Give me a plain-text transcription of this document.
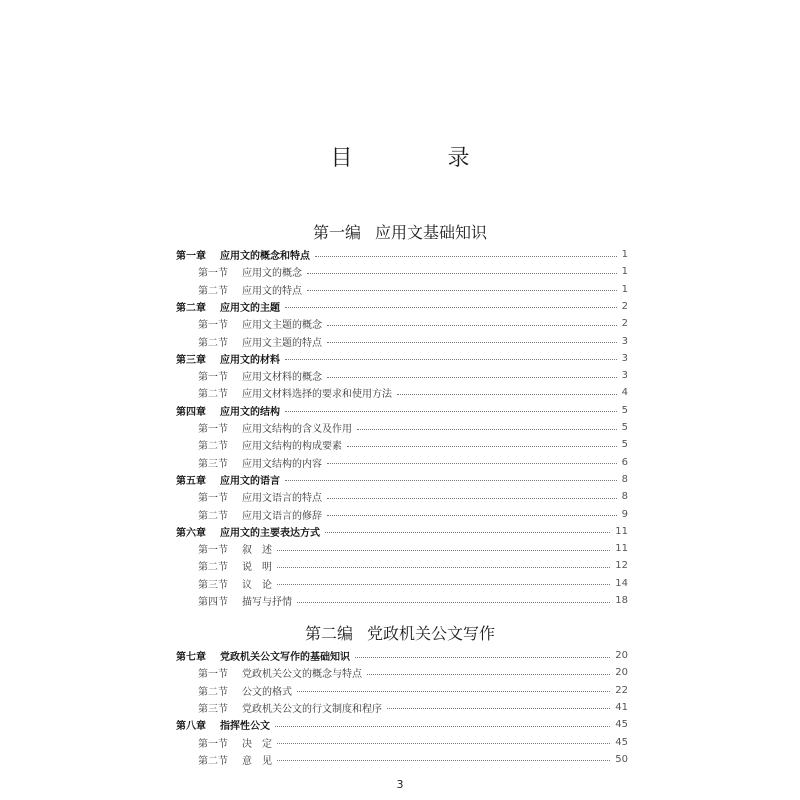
目 录
第一编 应用文基础知识
第一章 应用文的概念和特点	1
第一节 应用文的概念	1
第二节 应用文的特点	1
第二章 应用文的主题	2
第一节 应用文主题的概念	2
第二节 应用文主题的特点	3
第三章 应用文的材料	3
第一节 应用文材料的概念	3
第二节 应用文材料选择的要求和使用方法	4
第四章 应用文的结构	5
第一节 应用文结构的含义及作用	5
第二节 应用文结构的构成要素	5
第三节 应用文结构的内容	6
第五章 应用文的语言	8
第一节 应用文语言的特点	8
第二节 应用文语言的修辞	9
第六章 应用文的主要表达方式	11
第一节 叙　述	11
第二节 说　明	12
第三节 议　论	14
第四节 描写与抒情	18
第二编 党政机关公文写作
第七章 党政机关公文写作的基础知识	20
第一节 党政机关公文的概念与特点	20
第二节 公文的格式	22
第三节 党政机关公文的行文制度和程序	41
第八章 指挥性公文	45
第一节 决　定	45
第二节 意　见	50
3
